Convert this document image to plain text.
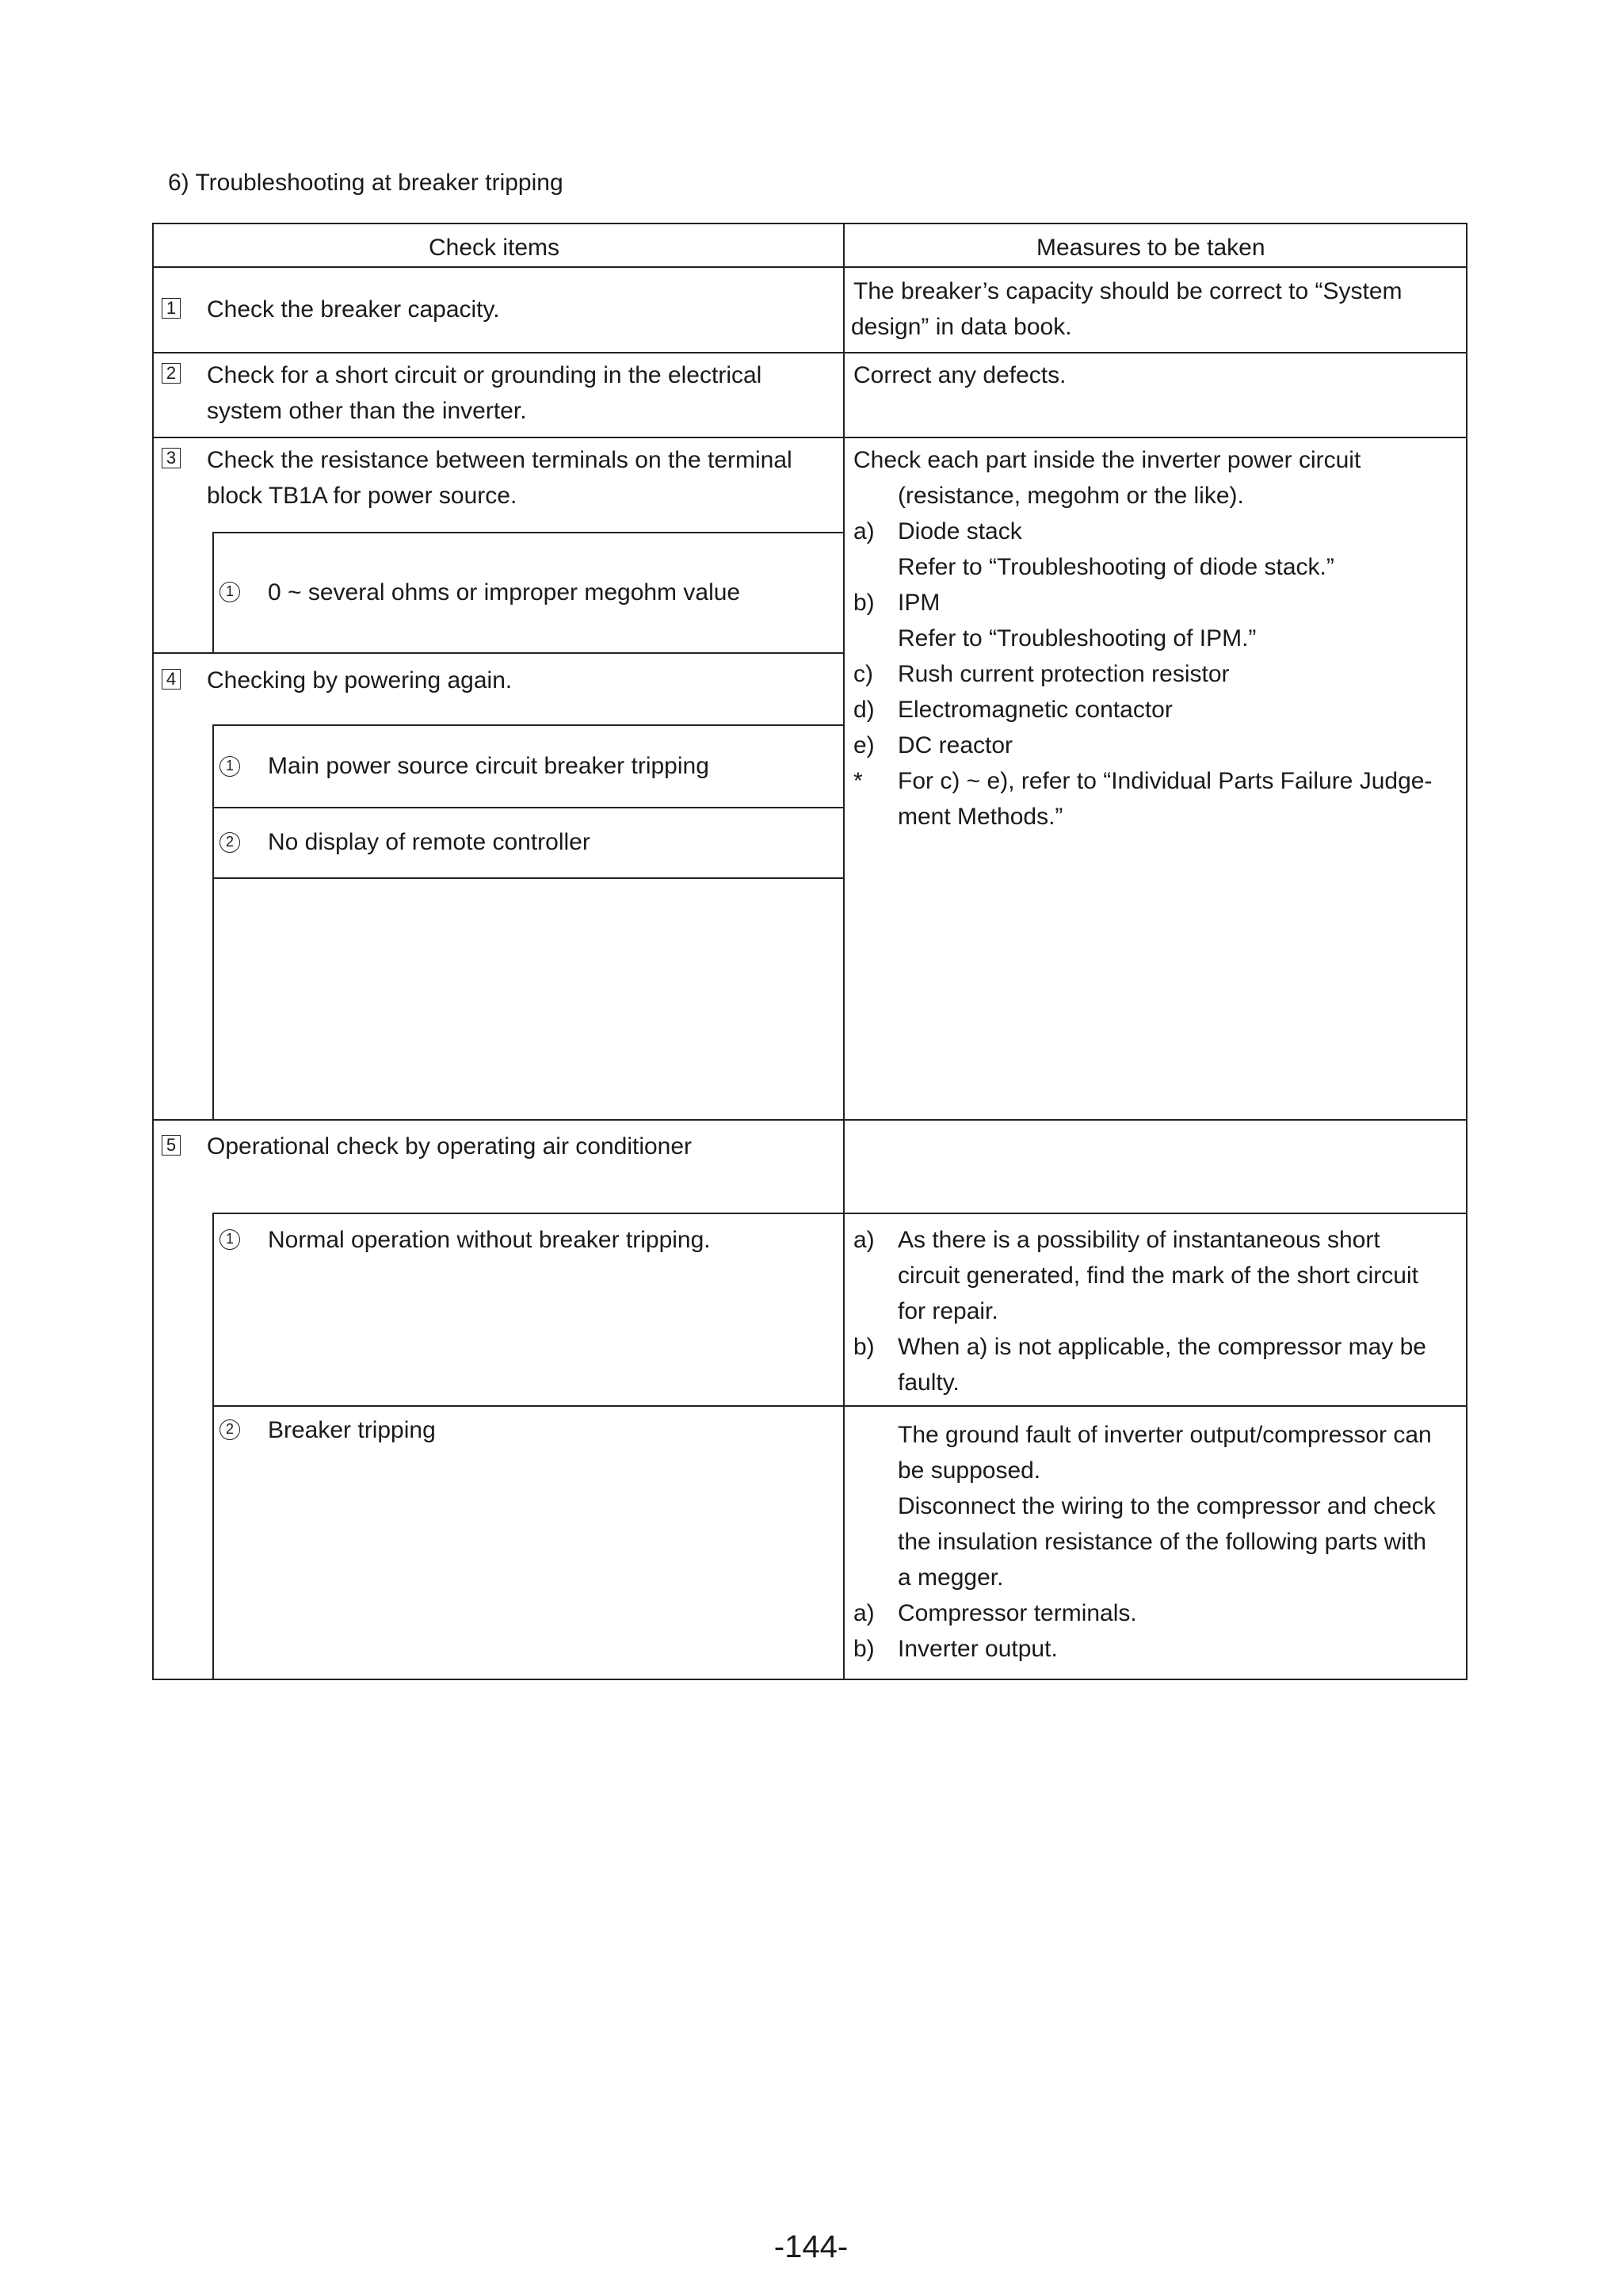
6) Troubleshooting at breaker tripping
Check items	Measures to be taken
1 Check the breaker capacity.
The breaker’s capacity should be correct to “System
design” in data book.
2 Check for a short circuit or grounding in the electrical
system other than the inverter.
Correct any defects.
3 Check the resistance between terminals on the terminal
block TB1A for power source.
1 0 ~ several ohms or improper megohm value
Check each part inside the inverter power circuit
(resistance, megohm or the like).
a) Diode stack
Refer to “Troubleshooting of diode stack.”
b) IPM
Refer to “Troubleshooting of IPM.”
c) Rush current protection resistor
d) Electromagnetic contactor
e) DC reactor
* For c) ~ e), refer to “Individual Parts Failure Judge-
ment Methods.”
4 Checking by powering again.
1 Main power source circuit breaker tripping
2 No display of remote controller
5 Operational check by operating air conditioner
1 Normal operation without breaker tripping.
2 Breaker tripping
a) As there is a possibility of instantaneous short
circuit generated, find the mark of the short circuit
for repair.
b) When a) is not applicable, the compressor may be
faulty.
The ground fault of inverter output/compressor can
be supposed.
Disconnect the wiring to the compressor and check
the insulation resistance of the following parts with
a megger.
a) Compressor terminals.
b) Inverter output.
-144-
